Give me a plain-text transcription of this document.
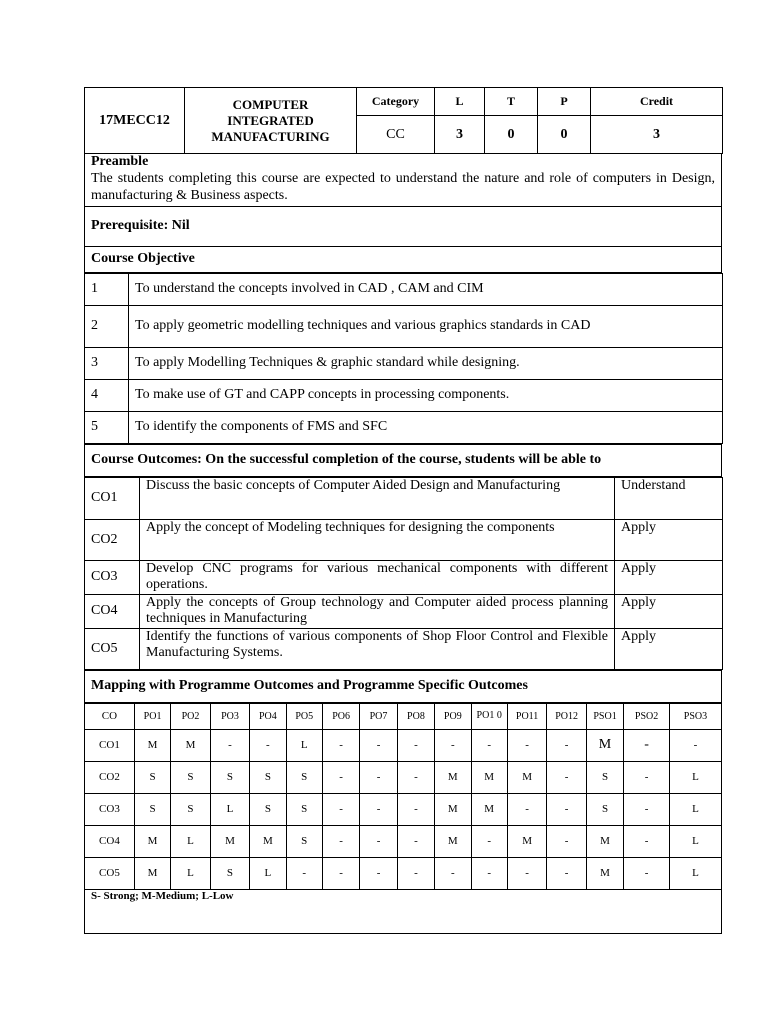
17MECC12	COMPUTER
INTEGRATED
MANUFACTURING	Category	L	T	P	Credit
		CC	3	0	0	3
Preamble
The students completing this course are expected to understand the nature and role of computers in Design, manufacturing & Business aspects.

Prerequisite: Nil
Course Objective
1	To understand the concepts involved in CAD , CAM and CIM
2	To apply geometric modelling techniques and various graphics standards in CAD
3	To apply Modelling Techniques & graphic standard while designing.
4	To make use of GT and CAPP concepts in processing components.
5	To identify the components of FMS and SFC
Course Outcomes: On the successful completion of the course, students will be able to
CO1	Discuss the basic concepts of Computer Aided Design and Manufacturing	Understand
CO2	Apply the concept of Modeling techniques for designing the components	Apply
CO3	Develop CNC programs for various mechanical components with different operations.	Apply
CO4	Apply the concepts of Group technology and Computer aided process planning techniques in Manufacturing	Apply
CO5	Identify the functions of various components of Shop Floor Control and Flexible Manufacturing Systems.	Apply
Mapping with Programme Outcomes and Programme Specific Outcomes
CO	PO1	PO2	PO3	PO4	PO5	PO6	PO7	PO8	PO9	PO1 0	PO11	PO12	PSO1	PSO2	PSO3
CO1	M	M	-	-	L	-	-	-	-	-	-	-	M	-	-
CO2	S	S	S	S	S	-	-	-	M	M	M	-	S	-	L
CO3	S	S	L	S	S	-	-	-	M	M	-	-	S	-	L
CO4	M	L	M	M	S	-	-	-	M	-	M	-	M	-	L
CO5	M	L	S	L	-	-	-	-	-	-	-	-	M	-	L
S- Strong; M-Medium; L-Low															
